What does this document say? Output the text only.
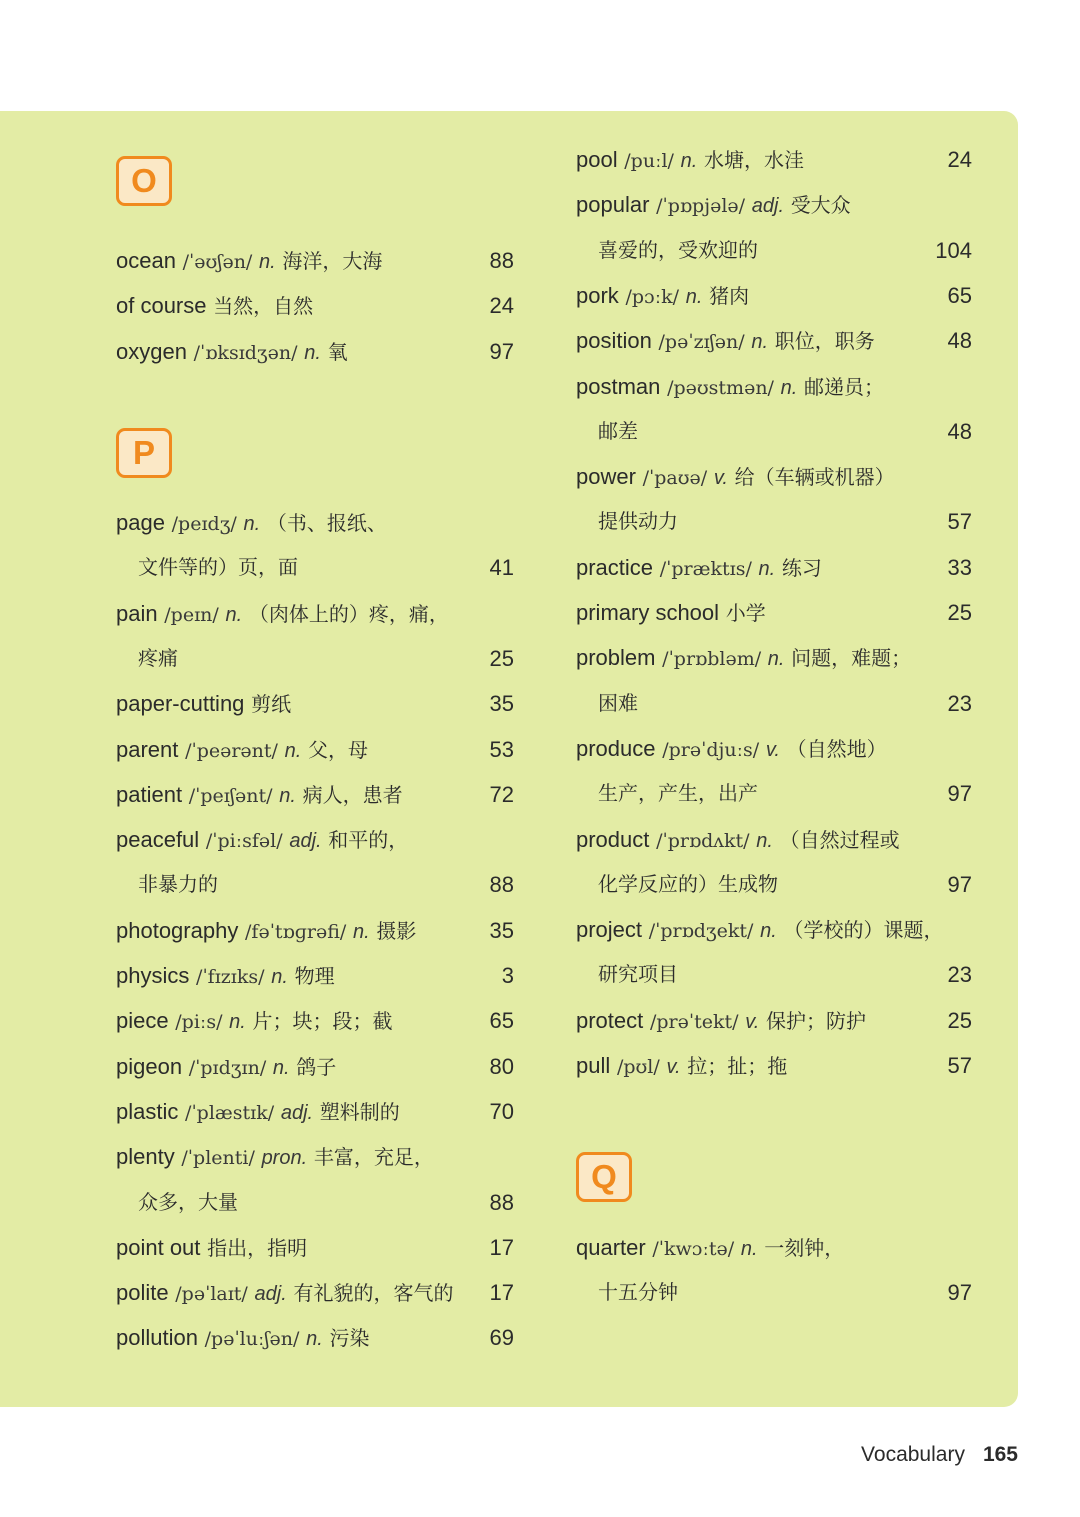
O
ocean /ˈəʊʃən/ n. 海洋，大海	88
of course 当然，自然	24
oxygen /ˈɒksɪdʒən/ n. 氧	97
P
page /peɪdʒ/ n. （书、报纸、
文件等的）页，面	41
pain /peɪn/ n. （肉体上的）疼，痛，
疼痛	25
paper-cutting 剪纸	35
parent /ˈpeərənt/ n. 父，母	53
patient /ˈpeɪʃənt/ n. 病人，患者	72
peaceful /ˈpiːsfəl/ adj. 和平的，
非暴力的	88
photography /fəˈtɒɡrəfi/ n. 摄影	35
physics /ˈfɪzɪks/ n. 物理	3
piece /piːs/ n. 片；块；段；截	65
pigeon /ˈpɪdʒɪn/ n. 鸽子	80
plastic /ˈplæstɪk/ adj. 塑料制的	70
plenty /ˈplenti/ pron. 丰富，充足，
众多，大量	88
point out 指出，指明	17
polite /pəˈlaɪt/ adj. 有礼貌的，客气的 17
pollution /pəˈluːʃən/ n. 污染	69
pool /puːl/ n. 水塘，水洼	24
popular /ˈpɒpjələ/ adj. 受大众
喜爱的，受欢迎的	104
pork /pɔːk/ n. 猪肉	65
position /pəˈzɪʃən/ n. 职位，职务	48
postman /pəʊstmən/ n. 邮递员；
邮差	48
power /ˈpaʊə/ v. 给（车辆或机器）
提供动力	57
practice /ˈpræktɪs/ n. 练习	33
primary school 小学	25
problem /ˈprɒbləm/ n. 问题，难题；
困难	23
produce /prəˈdjuːs/ v. （自然地）
生产，产生，出产	97
product /ˈprɒdʌkt/ n. （自然过程或
化学反应的）生成物	97
project /ˈprɒdʒekt/ n. （学校的）课题，
研究项目	23
protect /prəˈtekt/ v. 保护；防护	25
pull /pʊl/ v. 拉；扯；拖	57
Q
quarter /ˈkwɔːtə/ n. 一刻钟，
十五分钟	97
Vocabulary 165
